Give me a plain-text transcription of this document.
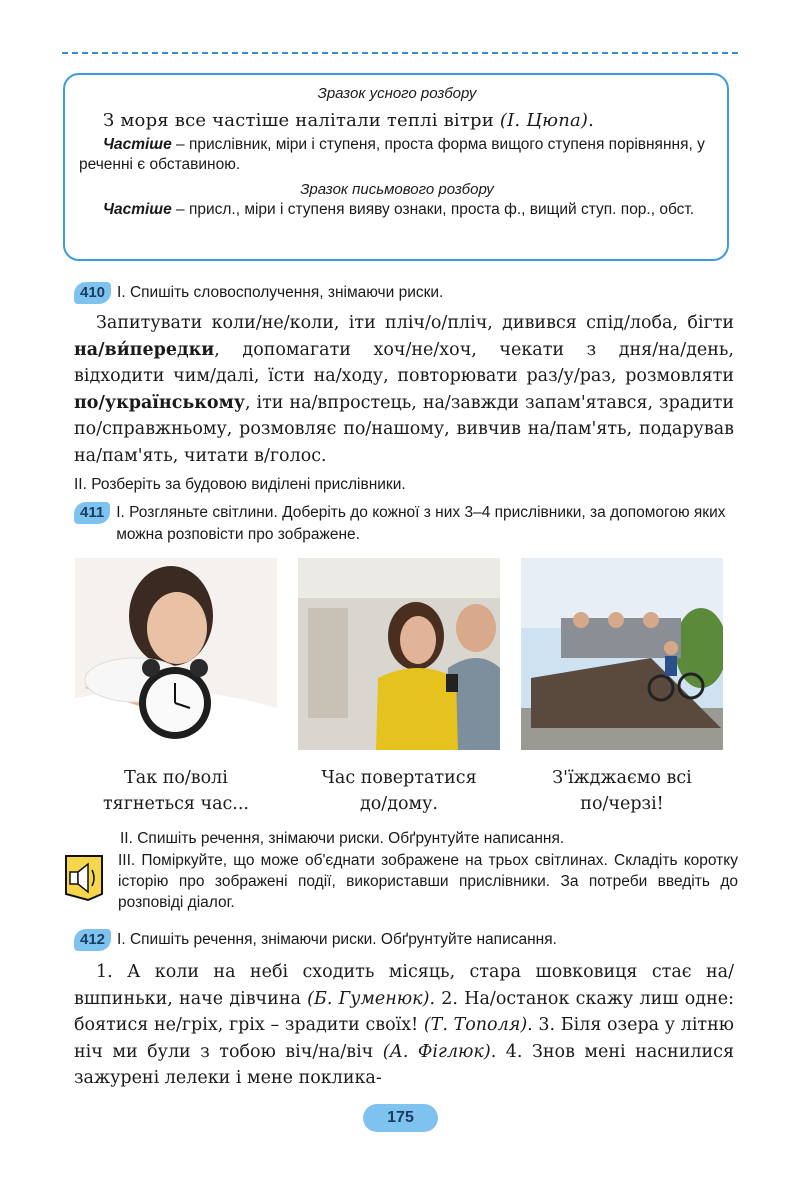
Зразок усного розбору

З моря все частіше налітали теплі вітри (І. Цюпа).

Частіше – прислівник, міри і ступеня, проста форма вищого ступеня порівняння, у реченні є обставиною.

Зразок письмового розбору

Частіше – присл., міри і ступеня вияву ознаки, проста ф., вищий ступ. пор., обст.

410 І. Спишіть словосполучення, знімаючи риски.

Запитувати коли/не/коли, іти пліч/о/пліч, дивився спід/лоба, бігти на/ви́передки, допомагати хоч/не/хоч, чекати з дня/на/день, відходити чим/далі, їсти на/ходу, повторювати раз/у/раз, розмовляти по/українському, іти на/впростець, на/завжди запам'ятався, зрадити по/справжньому, розмовляє по/нашому, вивчив на/пам'ять, подарував на/пам'ять, читати в/голос.

ІІ. Розберіть за будовою виділені прислівники.
411 І. Розгляньте світлини. Доберіть до кожної з них 3–4 прислівники, за допомогою яких можна розповісти про зображене.
Так по/волі
тягнеться час...
Час повертатися
до/дому.
З'їжджаємо всі
по/черзі!
ІІ. Спишіть речення, знімаючи риски. Обґрунтуйте написання.
ІІІ. Поміркуйте, що може об'єднати зображене на трьох світлинах. Складіть коротку історію про зображені події, використавши прислівники. За потреби введіть до розповіді діалог.
412 І. Спишіть речення, знімаючи риски. Обґрунтуйте написання.

1. А коли на небі сходить місяць, стара шовковиця стає на/вшпиньки, наче дівчина (Б. Гуменюк). 2. На/останок скажу лиш одне: боятися не/гріх, гріх – зрадити своїх! (Т. Тополя). 3. Біля озера у літню ніч ми були з тобою віч/на/віч (А. Фіглюк). 4. Знов мені наснилися зажурені лелеки і мене поклика-

175
